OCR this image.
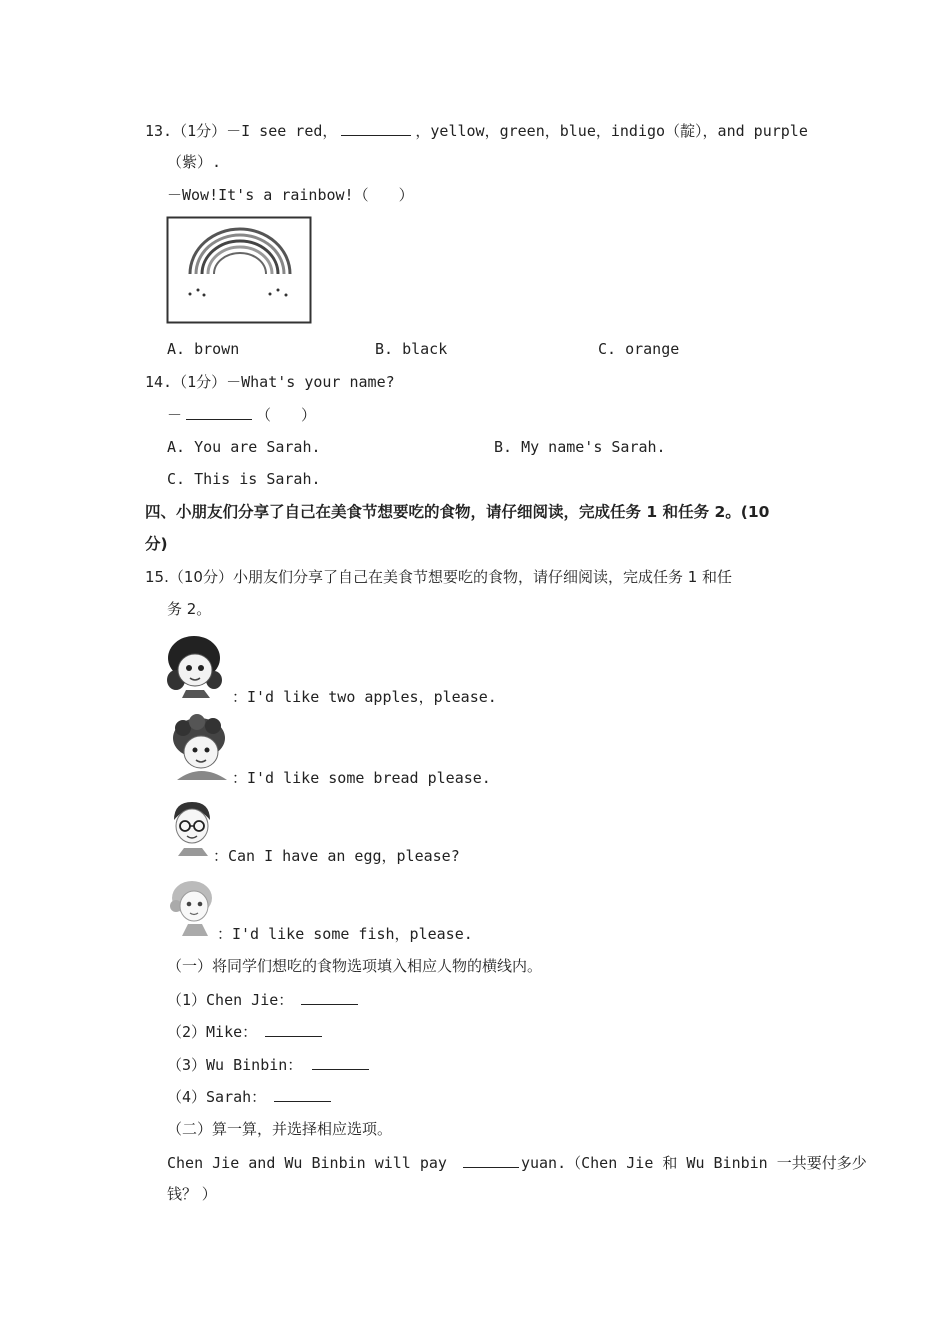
13.（1分）－I see red，	，yellow，green，blue，indigo（靛），and purple
（紫）.
－Wow!It's a rainbow!（　　）
A. brown	B. black	C. orange
14.（1分）－What's your name?
－	（　　）
A. You are Sarah.	B. My name's Sarah.
C. This is Sarah.
四、小朋友们分享了自己在美食节想要吃的食物，请仔细阅读，完成任务 1 和任务 2。(10
分)
15.（10分）小朋友们分享了自己在美食节想要吃的食物，请仔细阅读，完成任务 1 和任
务 2。
：I'd like two apples，please.
：I'd like some bread please.
：Can I have an egg，please?
：I'd like some fish，please.
（一）将同学们想吃的食物选项填入相应人物的横线内。
（1）Chen Jie：
（2）Mike：
（3）Wu Binbin：
（4）Sarah：
（二）算一算，并选择相应选项。
Chen Jie and Wu Binbin will pay	yuan.（Chen Jie 和 Wu Binbin 一共要付多少
钱？ ）
